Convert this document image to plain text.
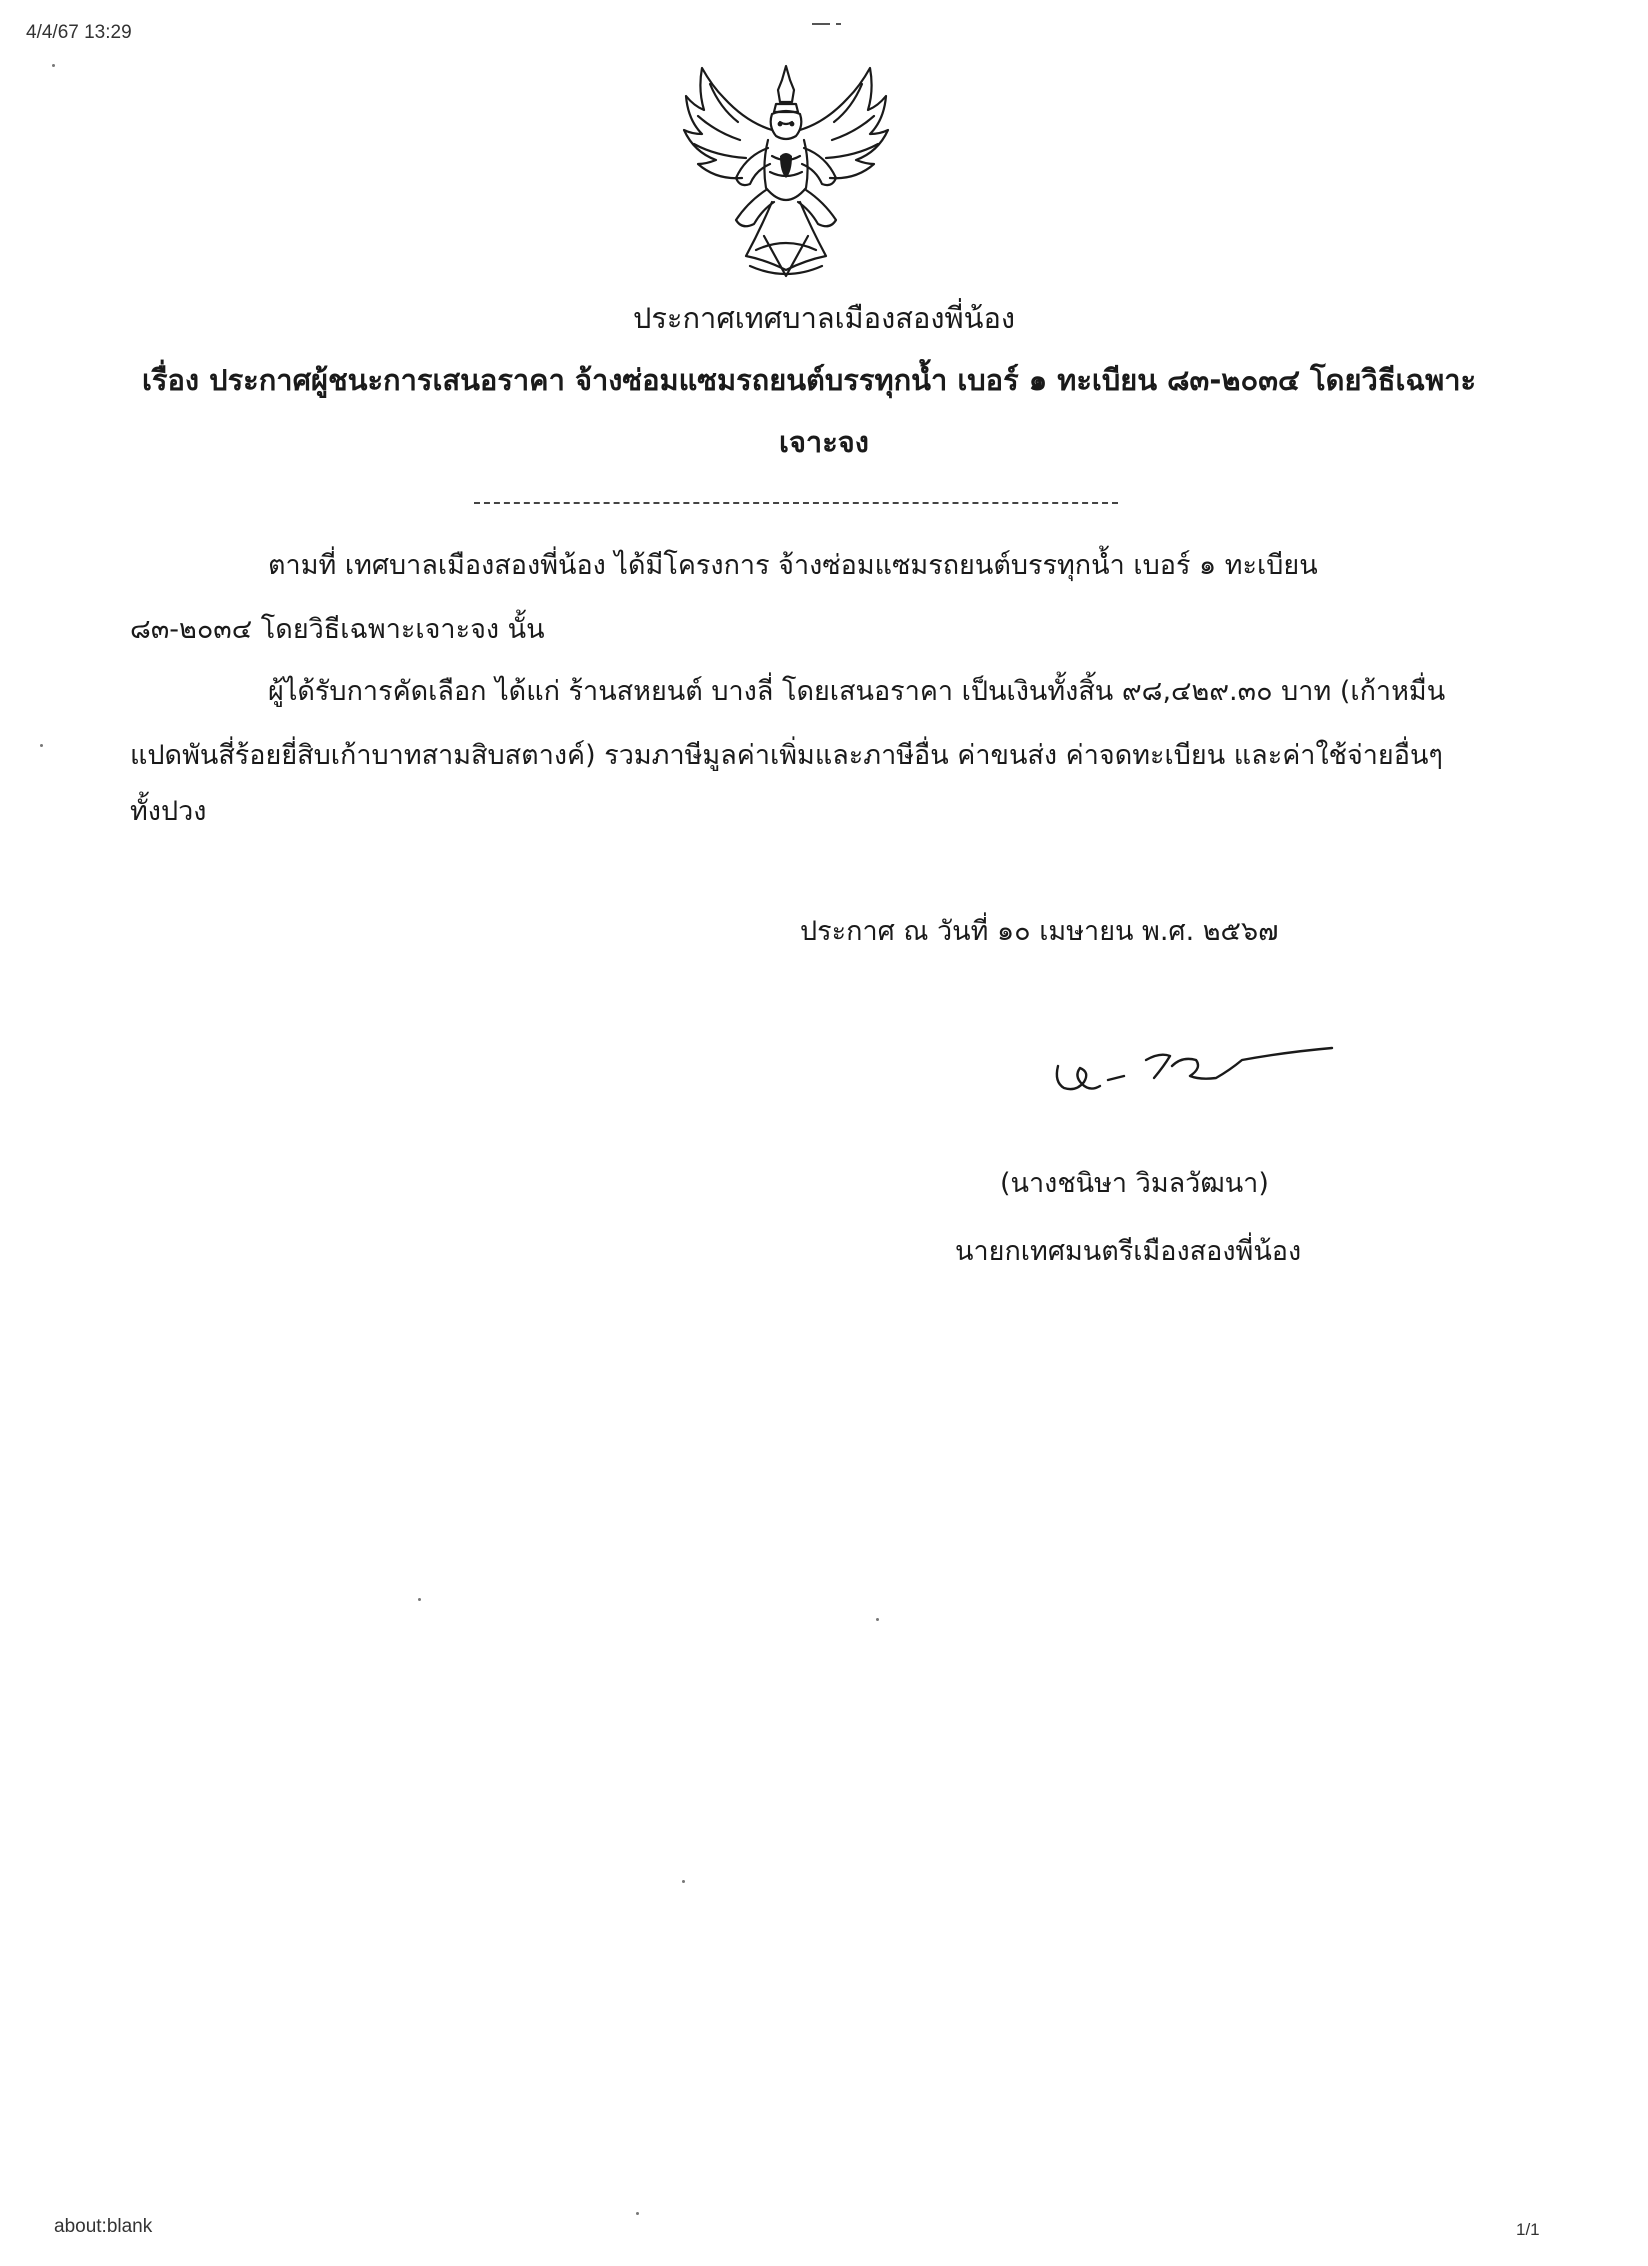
4/4/67 13:29
ประกาศเทศบาลเมืองสองพี่น้อง
เรื่อง ประกาศผู้ชนะการเสนอราคา จ้างซ่อมแซมรถยนต์บรรทุกน้ำ เบอร์ ๑ ทะเบียน ๘๓-๒๐๓๔ โดยวิธีเฉพาะ
เจาะจง
ตามที่ เทศบาลเมืองสองพี่น้อง ได้มีโครงการ จ้างซ่อมแซมรถยนต์บรรทุกน้ำ เบอร์ ๑ ทะเบียน
๘๓-๒๐๓๔ โดยวิธีเฉพาะเจาะจง นั้น
ผู้ได้รับการคัดเลือก ได้แก่ ร้านสหยนต์ บางลี่ โดยเสนอราคา เป็นเงินทั้งสิ้น ๙๘,๔๒๙.๓๐ บาท (เก้าหมื่น
แปดพันสี่ร้อยยี่สิบเก้าบาทสามสิบสตางค์) รวมภาษีมูลค่าเพิ่มและภาษีอื่น ค่าขนส่ง ค่าจดทะเบียน และค่าใช้จ่ายอื่นๆ
ทั้งปวง
ประกาศ ณ วันที่ ๑๐ เมษายน พ.ศ. ๒๕๖๗
(นางชนิษา วิมลวัฒนา)
นายกเทศมนตรีเมืองสองพี่น้อง
about:blank	1/1
